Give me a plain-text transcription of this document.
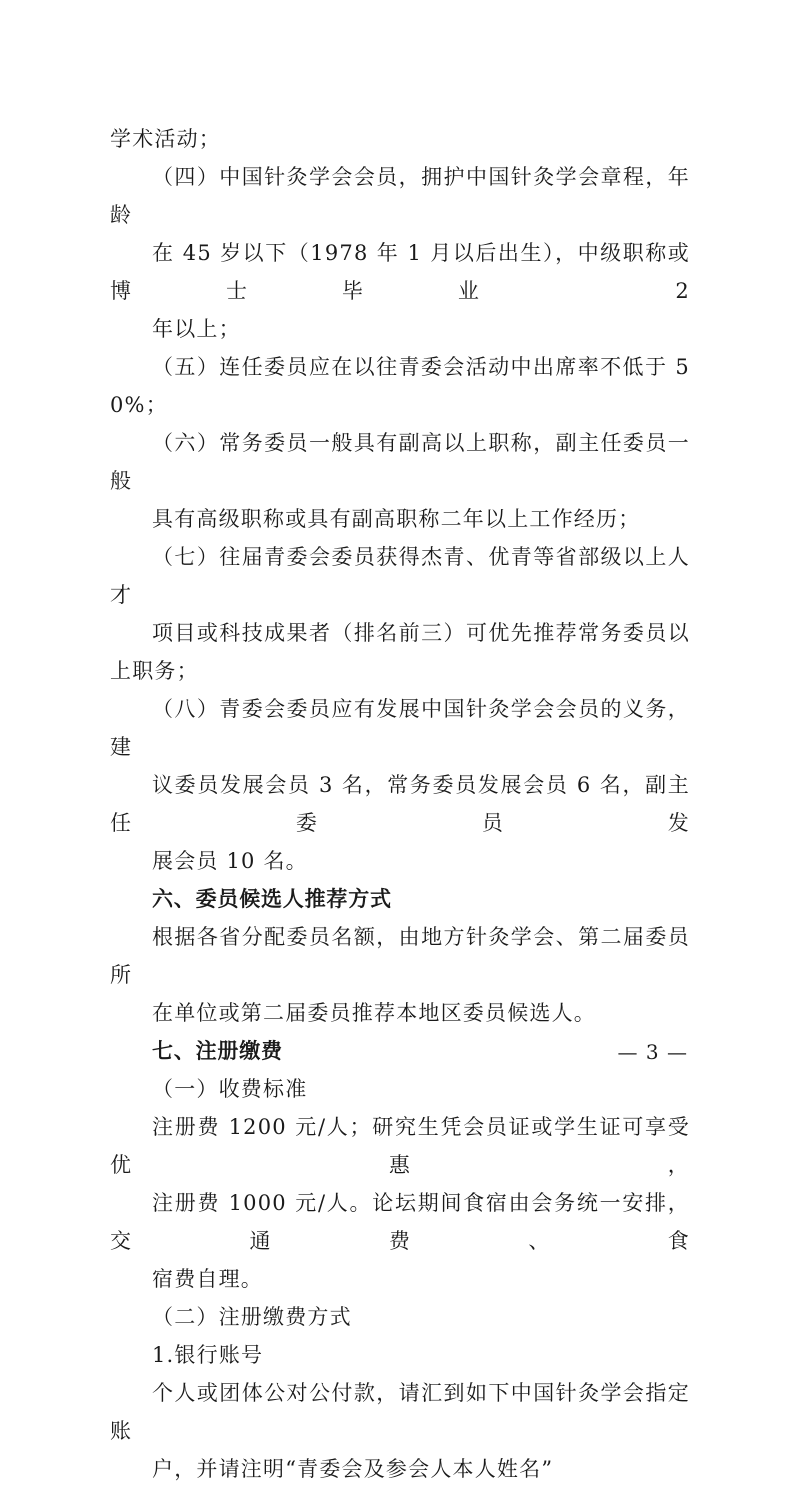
学术活动；
（四）中国针灸学会会员，拥护中国针灸学会章程，年龄
在 45 岁以下（1978 年 1 月以后出生），中级职称或博士毕业 2
年以上；
（五）连任委员应在以往青委会活动中出席率不低于 50%；
（六）常务委员一般具有副高以上职称，副主任委员一般
具有高级职称或具有副高职称二年以上工作经历；
（七）往届青委会委员获得杰青、优青等省部级以上人才
项目或科技成果者（排名前三）可优先推荐常务委员以上职务；
（八）青委会委员应有发展中国针灸学会会员的义务，建
议委员发展会员 3 名，常务委员发展会员 6 名，副主任委员发
展会员 10 名。
六、委员候选人推荐方式
根据各省分配委员名额，由地方针灸学会、第二届委员所
在单位或第二届委员推荐本地区委员候选人。
七、注册缴费
（一）收费标准
注册费 1200 元/人；研究生凭会员证或学生证可享受优惠，
注册费 1000 元/人。论坛期间食宿由会务统一安排，交通费、食
宿费自理。
（二）注册缴费方式
1.银行账号
个人或团体公对公付款，请汇到如下中国针灸学会指定账
户，并请注明“青委会及参会人本人姓名”
— 3 —
